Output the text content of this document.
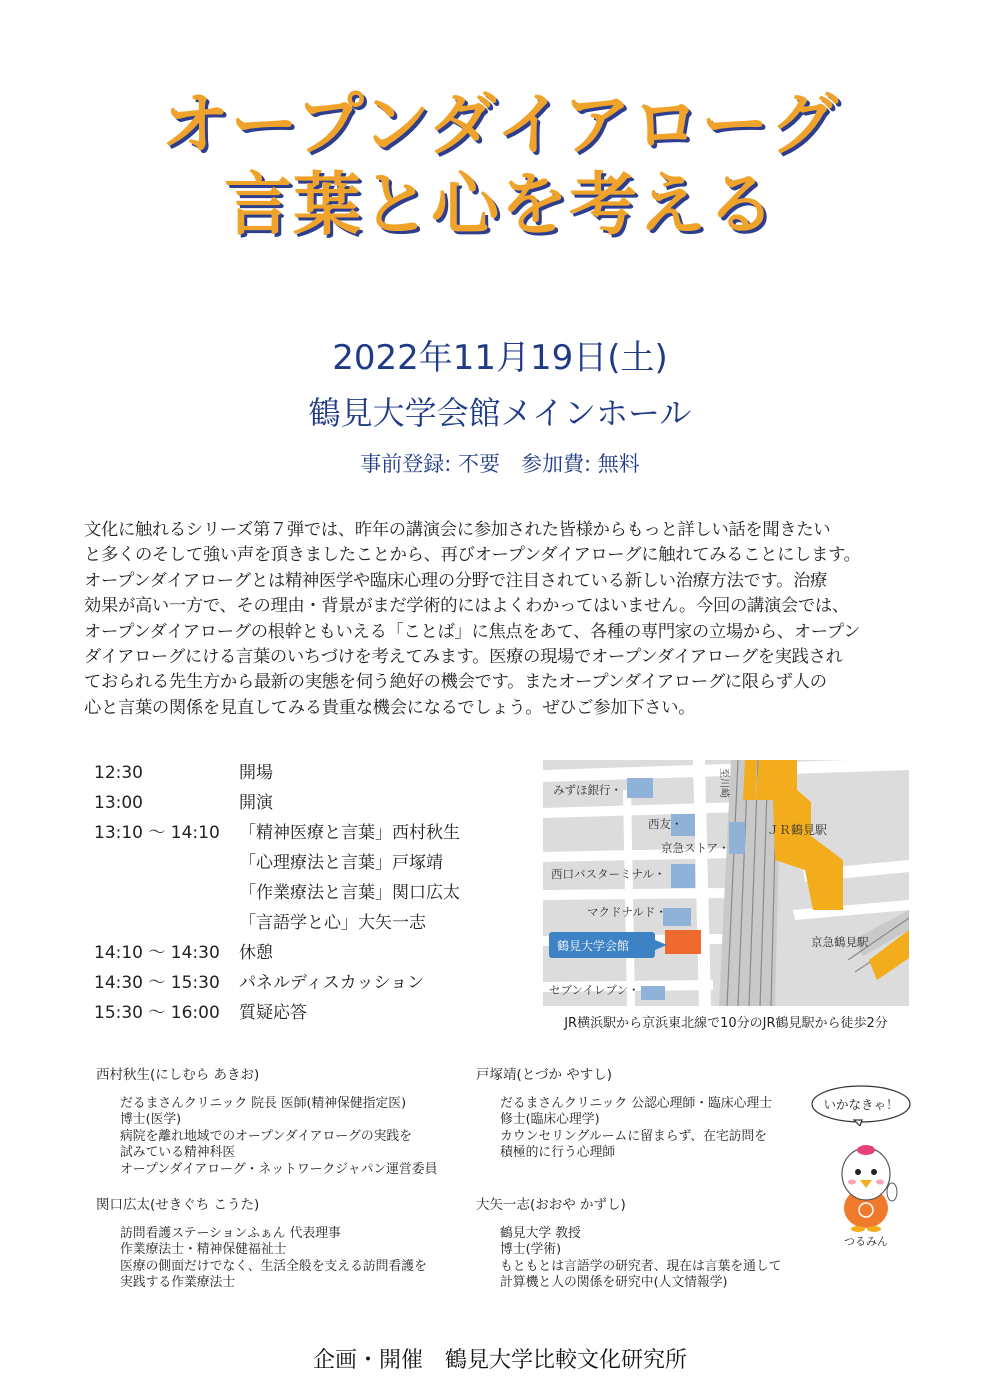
オープンダイアローグ
言葉と心を考える
2022年11月19日(土)
鶴見大学会館メインホール
事前登録: 不要　参加費: 無料
文化に触れるシリーズ第７弾では、昨年の講演会に参加された皆様からもっと詳しい話を聞きたい
と多くのそして強い声を頂きましたことから、再びオープンダイアローグに触れてみることにします。
オープンダイアローグとは精神医学や臨床心理の分野で注目されている新しい治療方法です。治療
効果が高い一方で、その理由・背景がまだ学術的にはよくわかってはいません。今回の講演会では、
オープンダイアローグの根幹ともいえる「ことば」に焦点をあて、各種の専門家の立場から、オープン
ダイアローグにける言葉のいちづけを考えてみます。医療の現場でオープンダイアローグを実践され
ておられる先生方から最新の実態を伺う絶好の機会です。またオープンダイアローグに限らず人の
心と言葉の関係を見直してみる貴重な機会になるでしょう。ぜひご参加下さい。
12:30	開場
13:00	開演
13:10 ～ 14:10	「精神医療と言葉」西村秋生
「心理療法と言葉」戸塚靖
「作業療法と言葉」関口広太
「言語学と心」大矢一志
14:10 ～ 14:30	休憩
14:30 ～ 15:30	パネルディスカッション
15:30 ～ 16:00	質疑応答
みずほ銀行・
西友・
京急ストア・
ＪＲ鶴見駅
西口バスターミナル・
マクドナルド・
鶴見大学会館	京急鶴見駅
セブンイレブン・
至川崎
JR横浜駅から京浜東北線で10分のJR鶴見駅から徒歩2分
西村秋生(にしむら あきお)
だるまさんクリニック 院長 医師(精神保健指定医)
博士(医学)
病院を離れ地域でのオープンダイアローグの実践を
試みている精神科医
オープンダイアローグ・ネットワークジャパン運営委員
戸塚靖(とづか やすし)
だるまさんクリニック 公認心理師・臨床心理士
修士(臨床心理学)
カウンセリングルームに留まらず、在宅訪問を
積極的に行う心理師
関口広太(せきぐち こうた)
訪問看護ステーションふぁん 代表理事
作業療法士・精神保健福祉士
医療の側面だけでなく、生活全般を支える訪問看護を
実践する作業療法士
大矢一志(おおや かずし)
鶴見大学 教授
博士(学術)
もともとは言語学の研究者、現在は言葉を通して
計算機と人の関係を研究中(人文情報学)
いかなきゃ！
つるみん
企画・開催　鶴見大学比較文化研究所
